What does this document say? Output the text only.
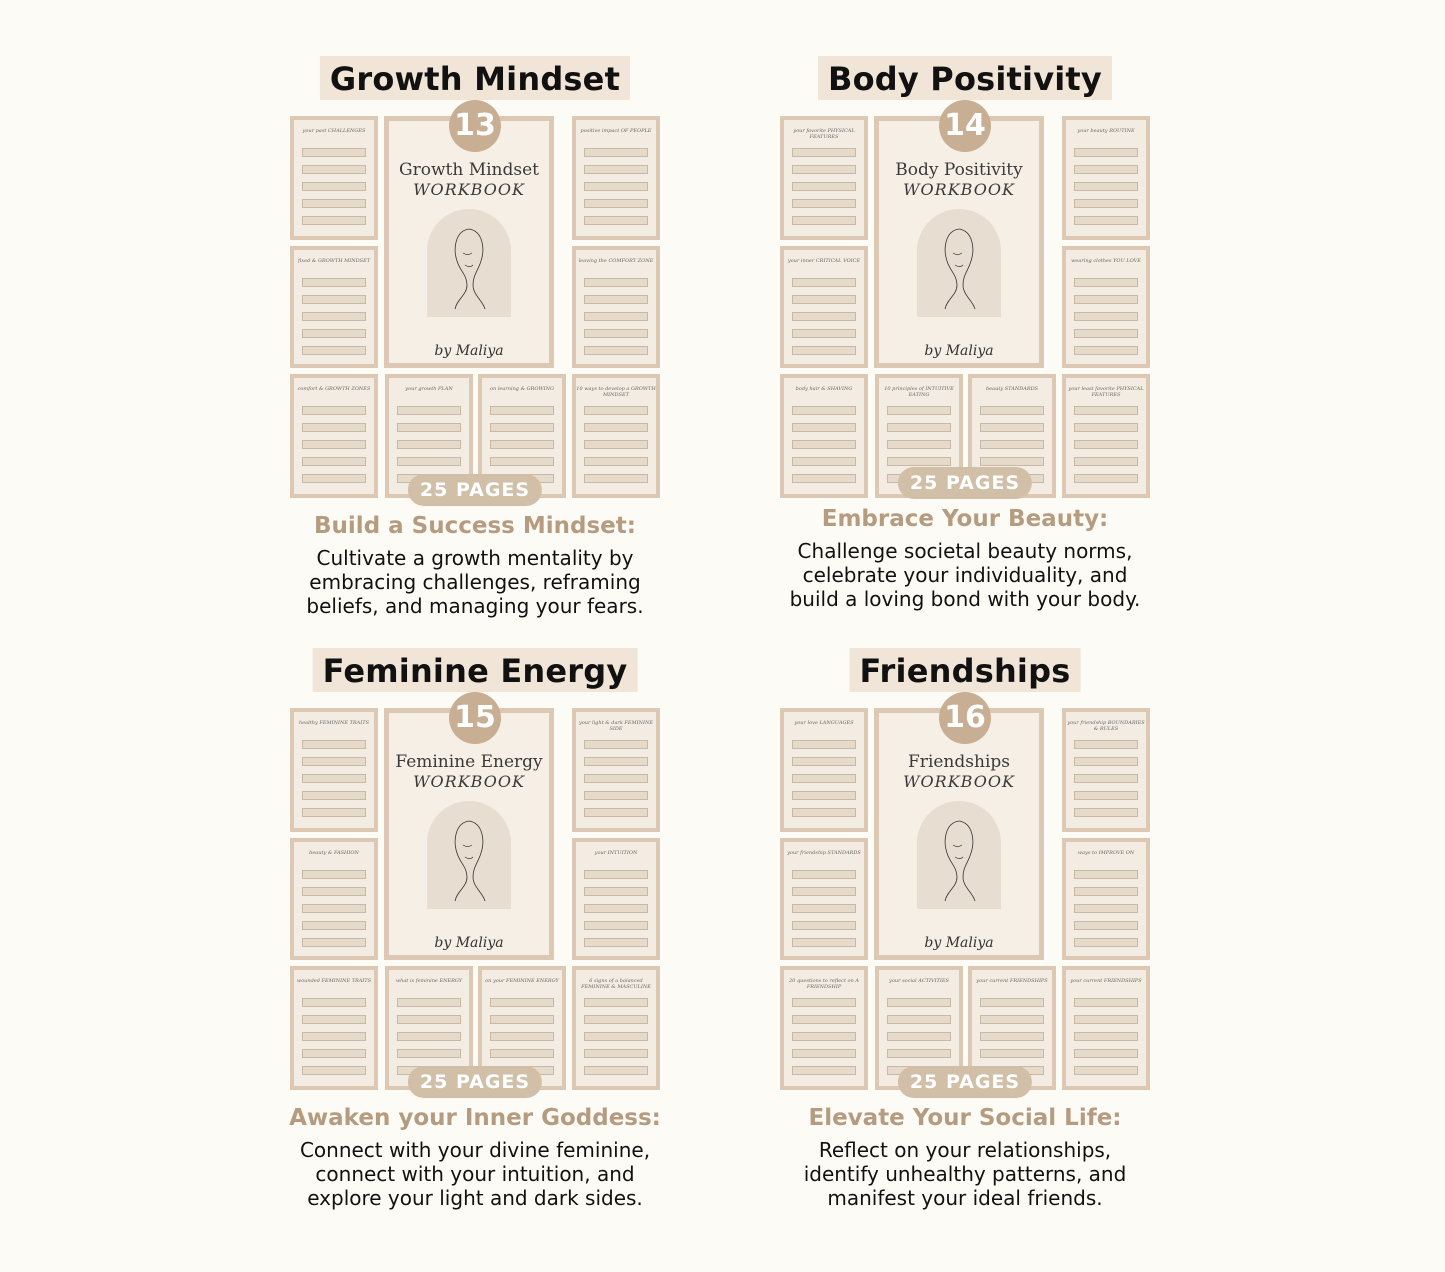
Growth Mindset
your past CHALLENGES
fixed & GROWTH MINDSET
comfort & GROWTH ZONES	your growth PLAN	on learning & GROWING
positive impact OF PEOPLE
leaving the COMFORT ZONE
10 ways to develop a GROWTH MINDSET
Growth Mindset
WORKBOOK
by Maliya
13
25 PAGES
Build a Success Mindset:
Cultivate a growth mentality by
embracing challenges, reframing
beliefs, and managing your fears.
Body Positivity
your favorite PHYSICAL FEATURES
your inner CRITICAL VOICE
body hair & SHAVING	10 principles of INTUITIVE EATING
beauty STANDARDS
your beauty ROUTINE
wearing clothes YOU LOVE
your least favorite PHYSICAL FEATURES
Body Positivity
WORKBOOK
by Maliya
14
25 PAGES
Embrace Your Beauty:
Challenge societal beauty norms,
celebrate your individuality, and
build a loving bond with your body.
Feminine Energy
healthy FEMININE TRAITS
beauty & FASHION
wounded FEMININE TRAITS	what is feminine ENERGY	on your FEMININE ENERGY
your light & dark FEMININE SIDE
your INTUITION
6 signs of a balanced FEMININE & MASCULINE
Feminine Energy
WORKBOOK
by Maliya
15
25 PAGES
Awaken your Inner Goddess:
Connect with your divine feminine,
connect with your intuition, and
explore your light and dark sides.
Friendships
your love LANGUAGES
your friendship STANDARDS
20 questions to reflect on A FRIENDSHIP
your social ACTIVITIES	your current FRIENDSHIPS
your friendship BOUNDARIES & RULES
ways to IMPROVE ON
your current FRIENDSHIPS
Friendships
WORKBOOK
by Maliya
16
25 PAGES
Elevate Your Social Life:
Reflect on your relationships,
identify unhealthy patterns, and
manifest your ideal friends.
